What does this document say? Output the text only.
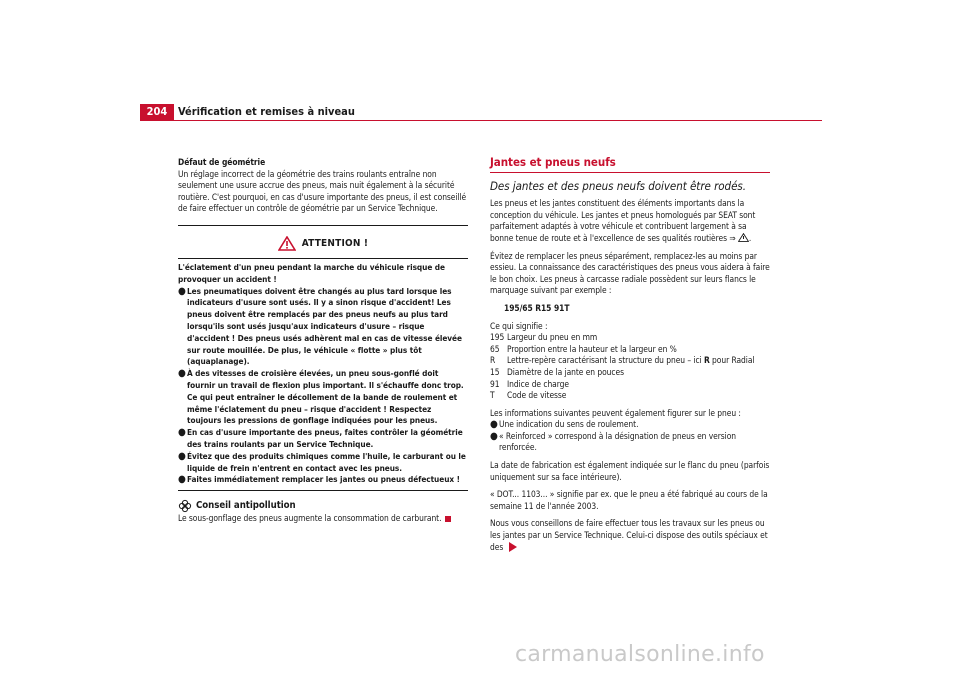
204 Vérification et remises à niveau

Défaut de géométrie

Un réglage incorrect de la géométrie des trains roulants entraîne non seulement une usure accrue des pneus, mais nuit également à la sécurité routière. C'est pourquoi, en cas d'usure importante des pneus, il est conseillé de faire effectuer un contrôle de géométrie par un Service Technique.

ATTENTION !

L'éclatement d'un pneu pendant la marche du véhicule risque de provoquer un accident !

● Les pneumatiques doivent être changés au plus tard lorsque les indicateurs d'usure sont usés. Il y a sinon risque d'accident! Les pneus doivent être remplacés par des pneus neufs au plus tard lorsqu'ils sont usés jusqu'aux indicateurs d'usure – risque d'accident ! Des pneus usés adhèrent mal en cas de vitesse élevée sur route mouillée. De plus, le véhicule « flotte » plus tôt (aquaplanage).
● À des vitesses de croisière élevées, un pneu sous-gonflé doit fournir un travail de flexion plus important. Il s'échauffe donc trop. Ce qui peut entraîner le décollement de la bande de roulement et même l'éclatement du pneu – risque d'accident ! Respectez toujours les pressions de gonflage indiquées pour les pneus.
● En cas d'usure importante des pneus, faites contrôler la géométrie des trains roulants par un Service Technique.
● Évitez que des produits chimiques comme l'huile, le carburant ou le liquide de frein n'entrent en contact avec les pneus.
● Faites immédiatement remplacer les jantes ou pneus défectueux !
Conseil antipollution

Le sous-gonflage des pneus augmente la consommation de carburant.

Jantes et pneus neufs
Des jantes et des pneus neufs doivent être rodés.

Les pneus et les jantes constituent des éléments importants dans la conception du véhicule. Les jantes et pneus homologués par SEAT sont parfaitement adaptés à votre véhicule et contribuent largement à sa bonne tenue de route et à l'excellence de ses qualités routières ⇒ .

Évitez de remplacer les pneus séparément, remplacez-les au moins par essieu. La connaissance des caractéristiques des pneus vous aidera à faire le bon choix. Les pneus à carcasse radiale possèdent sur leurs flancs le marquage suivant par exemple :

195/65 R15 91T

Ce qui signifie :

195 Largeur du pneu en mm
65 Proportion entre la hauteur et la largeur en %
R	Lettre-repère caractérisant la structure du pneu – ici R pour Radial
15 Diamètre de la jante en pouces
91 Indice de charge
T	Code de vitesse

Les informations suivantes peuvent également figurer sur le pneu :

● Une indication du sens de roulement.
● « Reinforced » correspond à la désignation de pneus en version renforcée.

La date de fabrication est également indiquée sur le flanc du pneu (parfois uniquement sur sa face intérieure).

« DOT... 1103... » signifie par ex. que le pneu a été fabriqué au cours de la semaine 11 de l'année 2003.

Nous vous conseillons de faire effectuer tous les travaux sur les pneus ou les jantes par un Service Technique. Celui-ci dispose des outils spéciaux et des

carmanualsonline.info
